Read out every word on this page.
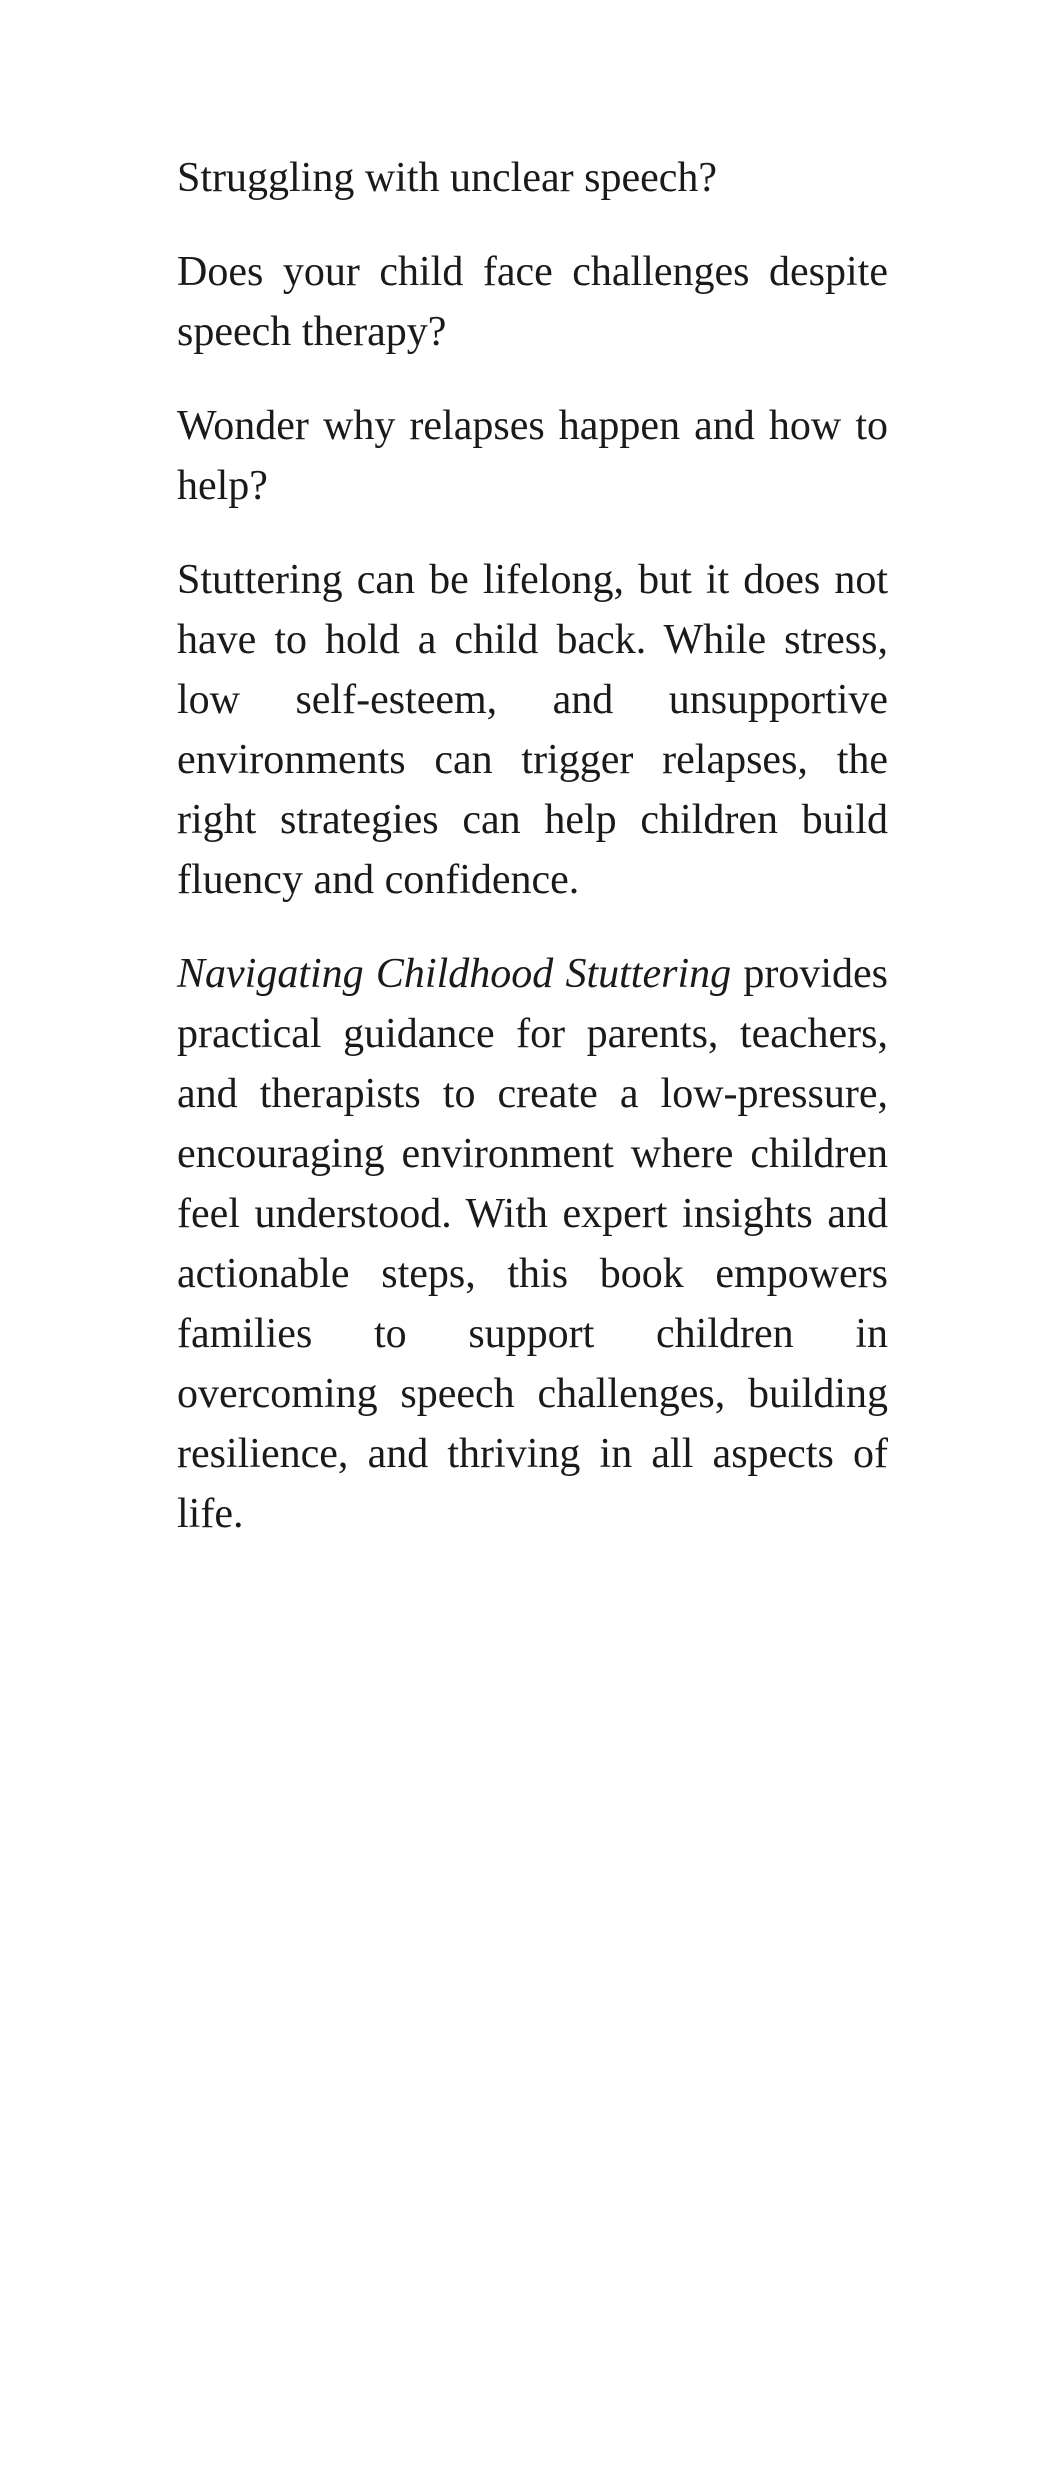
Struggling with unclear speech?

Does your child face challenges despite speech therapy?

Wonder why relapses happen and how to help?

Stuttering can be lifelong, but it does not have to hold a child back. While stress, low self-esteem, and unsupportive environments can trigger relapses, the right strategies can help children build fluency and confidence.

Navigating Childhood Stuttering provides practical guidance for parents, teachers, and therapists to create a low-pressure, encouraging environment where children feel understood. With expert insights and actionable steps, this book empowers families to support children in overcoming speech challenges, building resilience, and thriving in all aspects of life.
